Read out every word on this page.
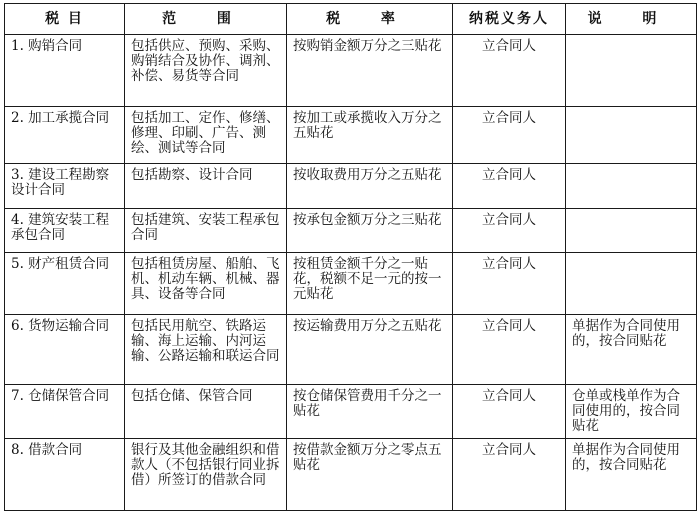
税 目	范 围	税 率	纳税义务人	说 明
1. 购销合同	包括供应、预购、采购、购销结合及协作、调剂、补偿、易货等合同	按购销金额万分之三贴花	立合同人	
2. 加工承揽合同	包括加工、定作、修缮、修理、印刷、广告、测绘、测试等合同	按加工或承揽收入万分之五贴花	立合同人	
3. 建设工程勘察设计合同	包括勘察、设计合同	按收取费用万分之五贴花	立合同人	
4. 建筑安装工程承包合同	包括建筑、安装工程承包合同	按承包金额万分之三贴花	立合同人	
5. 财产租赁合同	包括租赁房屋、船舶、飞机、机动车辆、机械、器具、设备等合同	按租赁金额千分之一贴花，税额不足一元的按一元贴花	立合同人	
6. 货物运输合同	包括民用航空、铁路运输、海上运输、内河运输、公路运输和联运合同	按运输费用万分之五贴花	立合同人	单据作为合同使用的，按合同贴花
7. 仓储保管合同	包括仓储、保管合同	按仓储保管费用千分之一贴花	立合同人	仓单或栈单作为合同使用的，按合同贴花
8. 借款合同	银行及其他金融组织和借款人（不包括银行同业拆借）所签订的借款合同	按借款金额万分之零点五贴花	立合同人	单据作为合同使用的，按合同贴花
